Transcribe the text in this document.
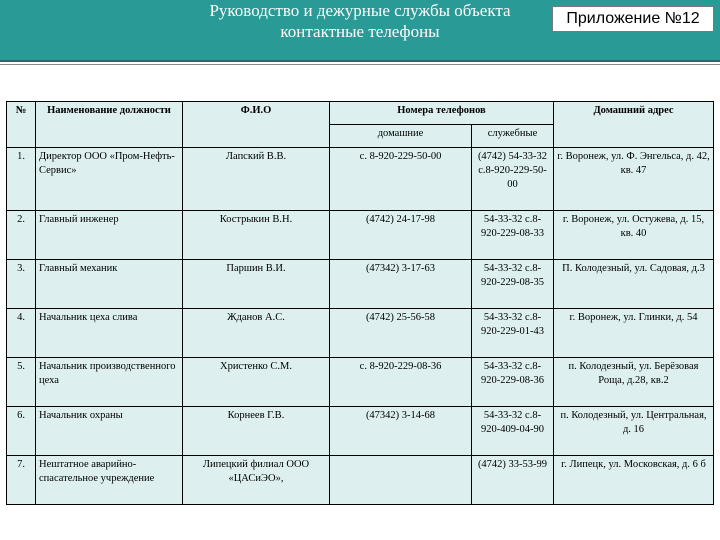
Руководство и дежурные службы объекта
контактные телефоны
Приложение №12
№	Наименование должности	Ф.И.О	Номера телефонов		Домашний адрес
			домашние	служебные	
1.	Директор ООО «Пром-Нефть-Сервис»	Лапский В.В.	с. 8-920-229-50-00	(4742) 54-33-32 с.8-920-229-50-00	г. Воронеж, ул. Ф. Энгельса, д. 42, кв. 47
2.	Главный инженер	Кострыкин В.Н.	(4742) 24-17-98	54-33-32 с.8-920-229-08-33	г. Воронеж, ул. Остужева, д. 15, кв. 40
3.	Главный механик	Паршин В.И.	(47342) 3-17-63	54-33-32 с.8-920-229-08-35	П. Колодезный, ул. Садовая, д.3
4.	Начальник цеха слива	Жданов А.С.	(4742) 25-56-58	54-33-32 с.8-920-229-01-43	г. Воронеж, ул. Глинки, д. 54
5.	Начальник производственного цеха	Христенко С.М.	с. 8-920-229-08-36	54-33-32 с.8-920-229-08-36	п. Колодезный, ул. Берёзовая Роща, д.28, кв.2
6.	Начальник охраны	Корнеев Г.В.	(47342) 3-14-68	54-33-32 с.8-920-409-04-90	п. Колодезный, ул. Центральная, д. 16
7.	Нештатное аварийно-спасательное учреждение	Липецкий филиал ООО «ЦАСиЭО»,		(4742) 33-53-99	г. Липецк, ул. Московская, д. 6 б
